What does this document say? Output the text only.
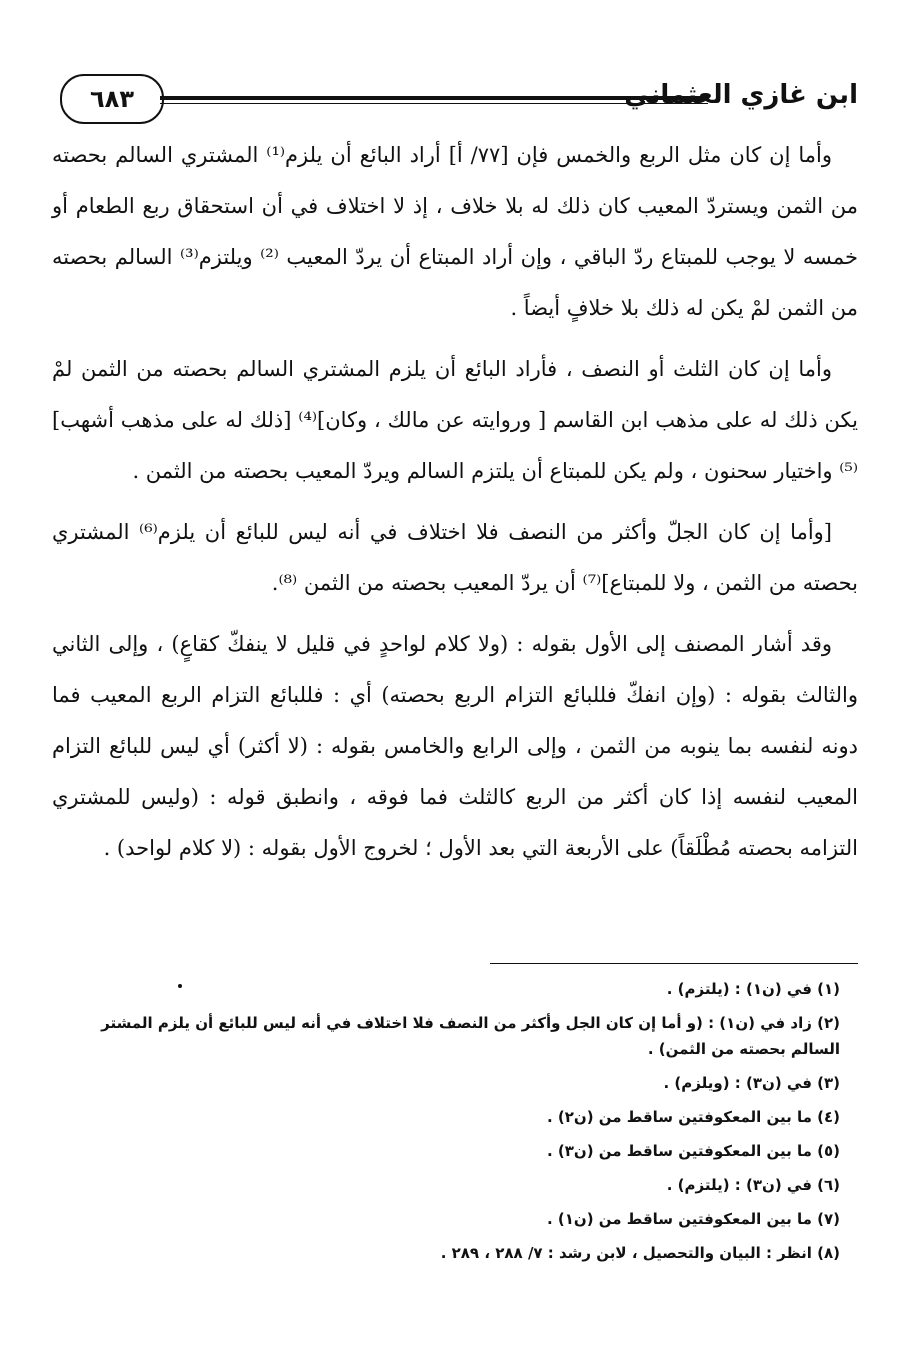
٦٨٣	ابن غازي العثماني

وأما إن كان مثل الربع والخمس فإن [٧٧/ أ] أراد البائع أن يلزم⁽¹⁾ المشتري السالم بحصته من الثمن ويستردّ المعيب كان ذلك له بلا خلاف ، إذ لا اختلاف في أن استحقاق ربع الطعام أو خمسه لا يوجب للمبتاع ردّ الباقي ، وإن أراد المبتاع أن يردّ المعيب ⁽²⁾ ويلتزم⁽³⁾ السالم بحصته من الثمن لمْ يكن له ذلك بلا خلافٍ أيضاً .

وأما إن كان الثلث أو النصف ، فأراد البائع أن يلزم المشتري السالم بحصته من الثمن لمْ يكن ذلك له على مذهب ابن القاسم [ وروايته عن مالك ، وكان]⁽⁴⁾ [ذلك له على مذهب أشهب]⁽⁵⁾ واختيار سحنون ، ولم يكن للمبتاع أن يلتزم السالم ويردّ المعيب بحصته من الثمن .

[وأما إن كان الجلّ وأكثر من النصف فلا اختلاف في أنه ليس للبائع أن يلزم⁽⁶⁾ المشتري بحصته من الثمن ، ولا للمبتاع]⁽⁷⁾ أن يردّ المعيب بحصته من الثمن ⁽⁸⁾.

وقد أشار المصنف إلى الأول بقوله : (ولا كلام لواحدٍ في قليل لا ينفكّ كقاعٍ) ، وإلى الثاني والثالث بقوله : (وإن انفكّ فللبائع التزام الربع بحصته) أي : فللبائع التزام الربع المعيب فما دونه لنفسه بما ينوبه من الثمن ، وإلى الرابع والخامس بقوله : (لا أكثر) أي ليس للبائع التزام المعيب لنفسه إذا كان أكثر من الربع كالثلث فما فوقه ، وانطبق قوله : (وليس للمشتري التزامه بحصته مُطْلَقاً) على الأربعة التي بعد الأول ؛ لخروج الأول بقوله : (لا كلام لواحد) .

(١) في (ن١) : (يلتزم) .
(٢) زاد في (ن١) : (و أما إن كان الجل وأكثر من النصف فلا اختلاف في أنه ليس للبائع أن يلزم المشتر السالم بحصته من الثمن) .
(٣) في (ن٣) : (ويلزم) .
(٤) ما بين المعكوفتين ساقط من (ن٢) .
(٥) ما بين المعكوفتين ساقط من (ن٣) .
(٦) في (ن٣) : (يلتزم) .
(٧) ما بين المعكوفتين ساقط من (ن١) .
(٨) انظر : البيان والتحصيل ، لابن رشد : ٧/ ٢٨٨ ، ٢٨٩ .
